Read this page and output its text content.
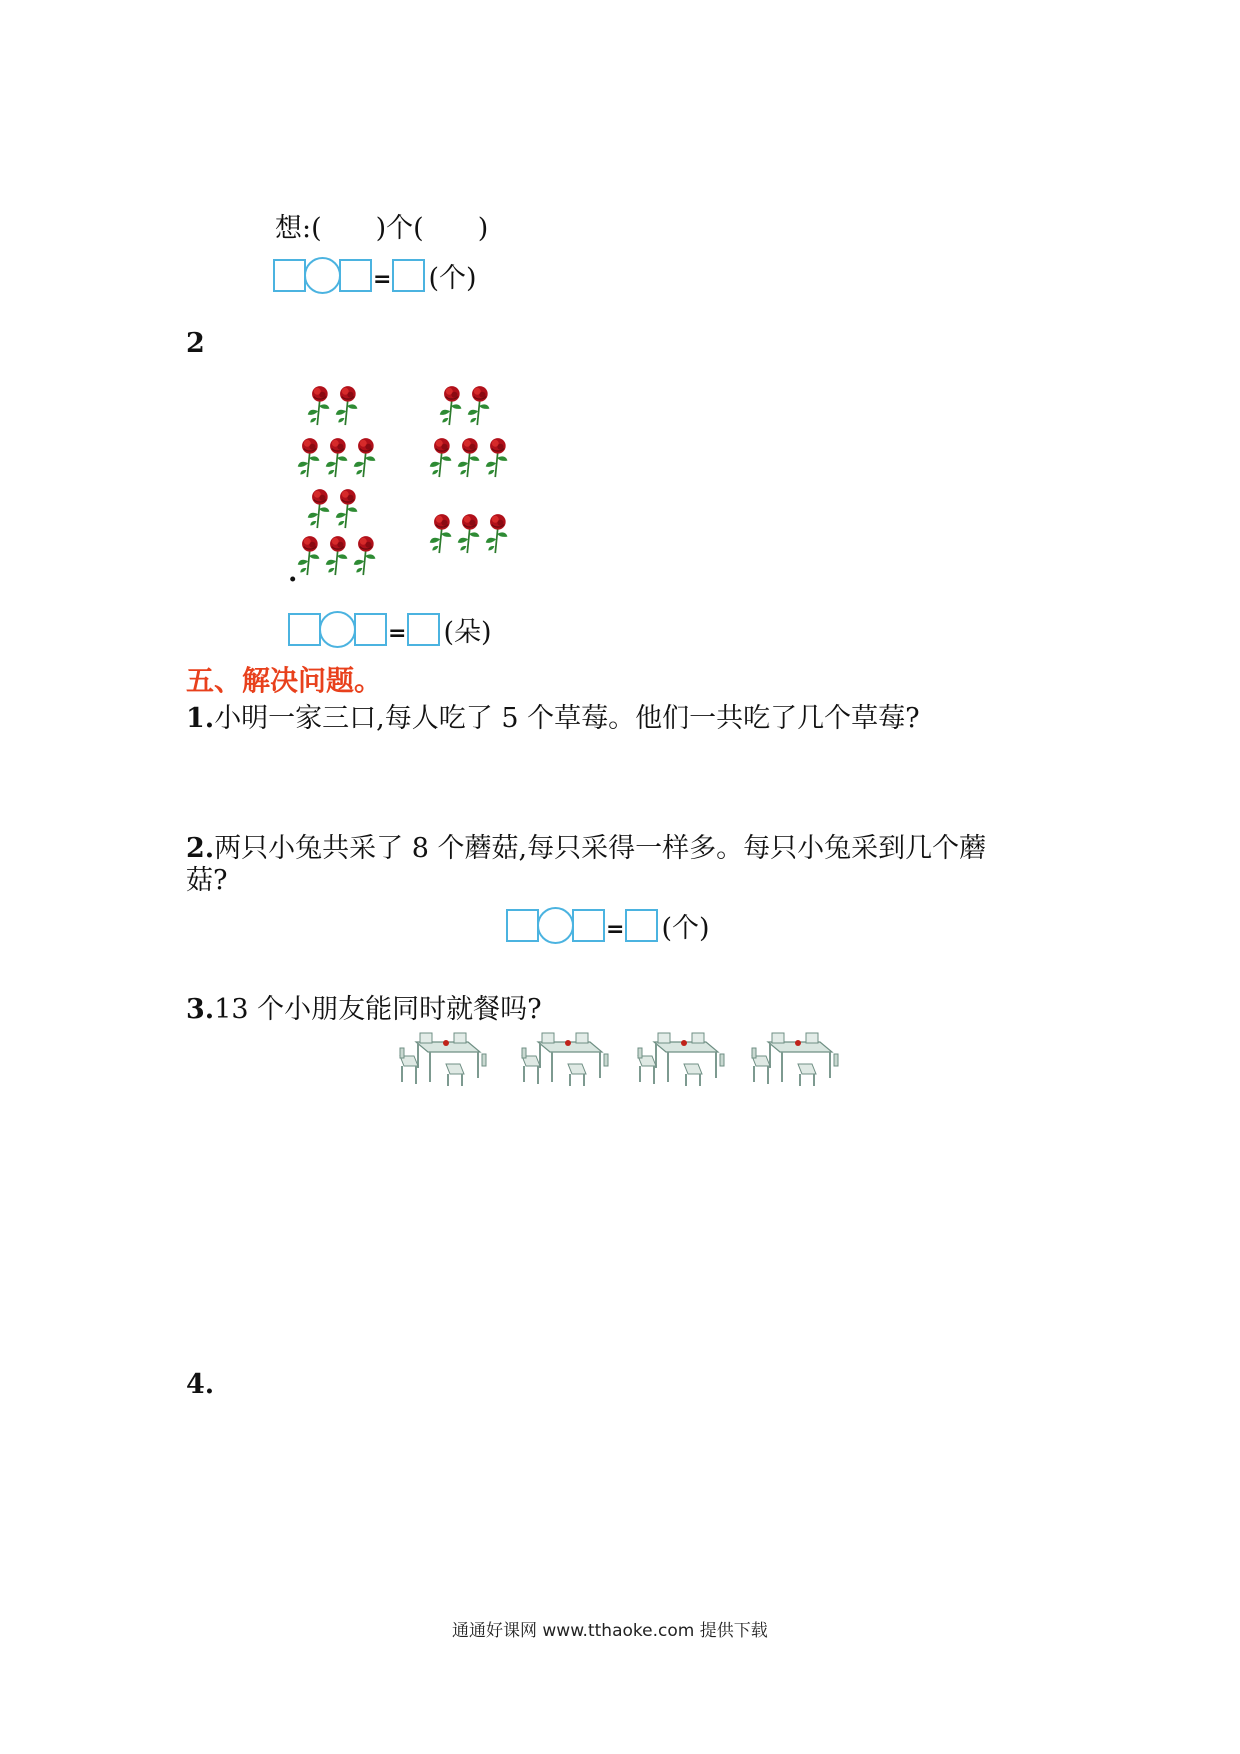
想:(　　)个(　　)
= (个)
2
.
= (朵)
五、解决问题。
1.小明一家三口,每人吃了 5 个草莓。他们一共吃了几个草莓?
2.两只小兔共采了 8 个蘑菇,每只采得一样多。每只小兔采到几个蘑
菇?
= (个)
3.13 个小朋友能同时就餐吗?
4.
通通好课网 www.tthaoke.com 提供下载
